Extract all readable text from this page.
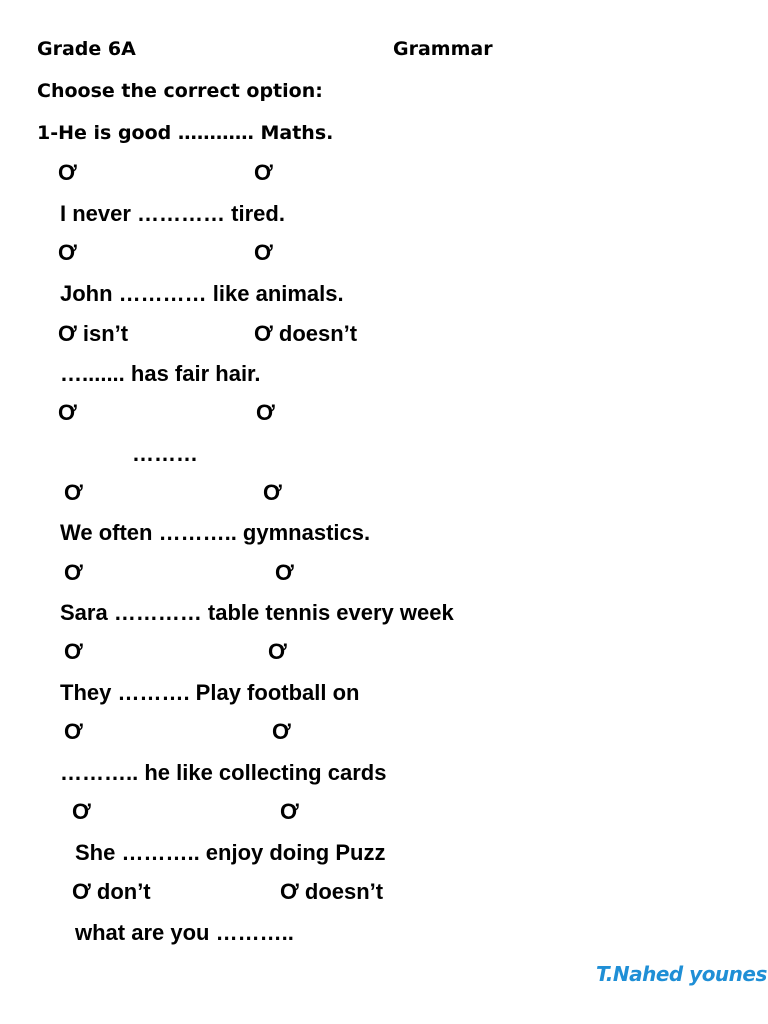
Grade 6A	Grammar
Choose the correct option:
1-He is good ………… Maths.
Ơ	Ơ
I never ………… tired.
Ơ	Ơ
John ………… like animals.
Ơ isn’t	Ơ doesn’t
…....... has fair hair.
Ơ	Ơ
………
Ơ	Ơ
We often ……….. gymnastics.
Ơ	Ơ
Sara ………… table tennis every week
Ơ	Ơ
They ………. Play football on
Ơ	Ơ
……….. he like collecting cards
Ơ	Ơ
She ……….. enjoy doing Puzz
Ơ don’t	Ơ doesn’t
what are you ………..
T.Nahed younes
